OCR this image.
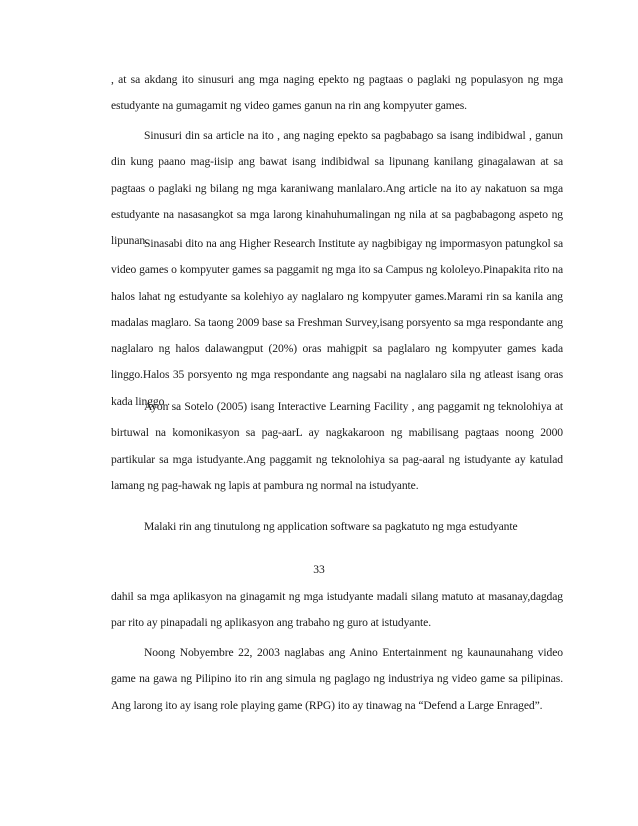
, at sa akdang ito sinusuri ang mga naging epekto ng pagtaas o paglaki ng populasyon ng mga estudyante na gumagamit ng video games ganun na rin ang kompyuter games.

Sinusuri din sa article na ito , ang naging epekto sa pagbabago sa isang indibidwal , ganun din kung paano mag-iisip ang bawat isang indibidwal sa lipunang kanilang ginagalawan at sa pagtaas o paglaki ng bilang ng mga karaniwang manlalaro.Ang article na ito ay nakatuon sa mga estudyante na nasasangkot sa mga larong kinahuhumalingan ng nila at sa pagbabagong aspeto ng lipunan.

Sinasabi dito na ang Higher Research Institute ay nagbibigay ng impormasyon patungkol sa video games o kompyuter games sa paggamit ng mga ito sa Campus ng kololeyo.Pinapakita rito na halos lahat ng estudyante sa kolehiyo ay naglalaro ng kompyuter games.Marami rin sa kanila ang madalas maglaro. Sa taong 2009 base sa Freshman Survey,isang porsyento sa mga respondante ang naglalaro ng halos dalawangput (20%) oras mahigpit sa paglalaro ng kompyuter games kada linggo.Halos 35 porsyento ng mga respondante ang nagsabi na naglalaro sila ng atleast isang oras kada linggo .

Ayon sa Sotelo (2005) isang Interactive Learning Facility , ang paggamit ng teknolohiya at birtuwal na komonikasyon sa pag-aarL ay nagkakaroon ng mabilisang pagtaas noong 2000 partikular sa mga istudyante.Ang paggamit ng teknolohiya sa pag-aaral ng istudyante ay katulad lamang ng pag-hawak ng lapis at pambura ng normal na istudyante.

Malaki rin ang tinutulong ng application software sa pagkatuto ng mga estudyante

33

dahil sa mga aplikasyon na ginagamit ng mga istudyante madali silang matuto at masanay,dagdag par rito ay pinapadali ng aplikasyon ang trabaho ng guro at istudyante.

Noong Nobyembre 22, 2003 naglabas ang Anino Entertainment ng kaunaunahang video game na gawa ng Pilipino ito rin ang simula ng paglago ng industriya ng video game sa pilipinas. Ang larong ito ay isang role playing game (RPG) ito ay tinawag na “Defend a Large Enraged”.
